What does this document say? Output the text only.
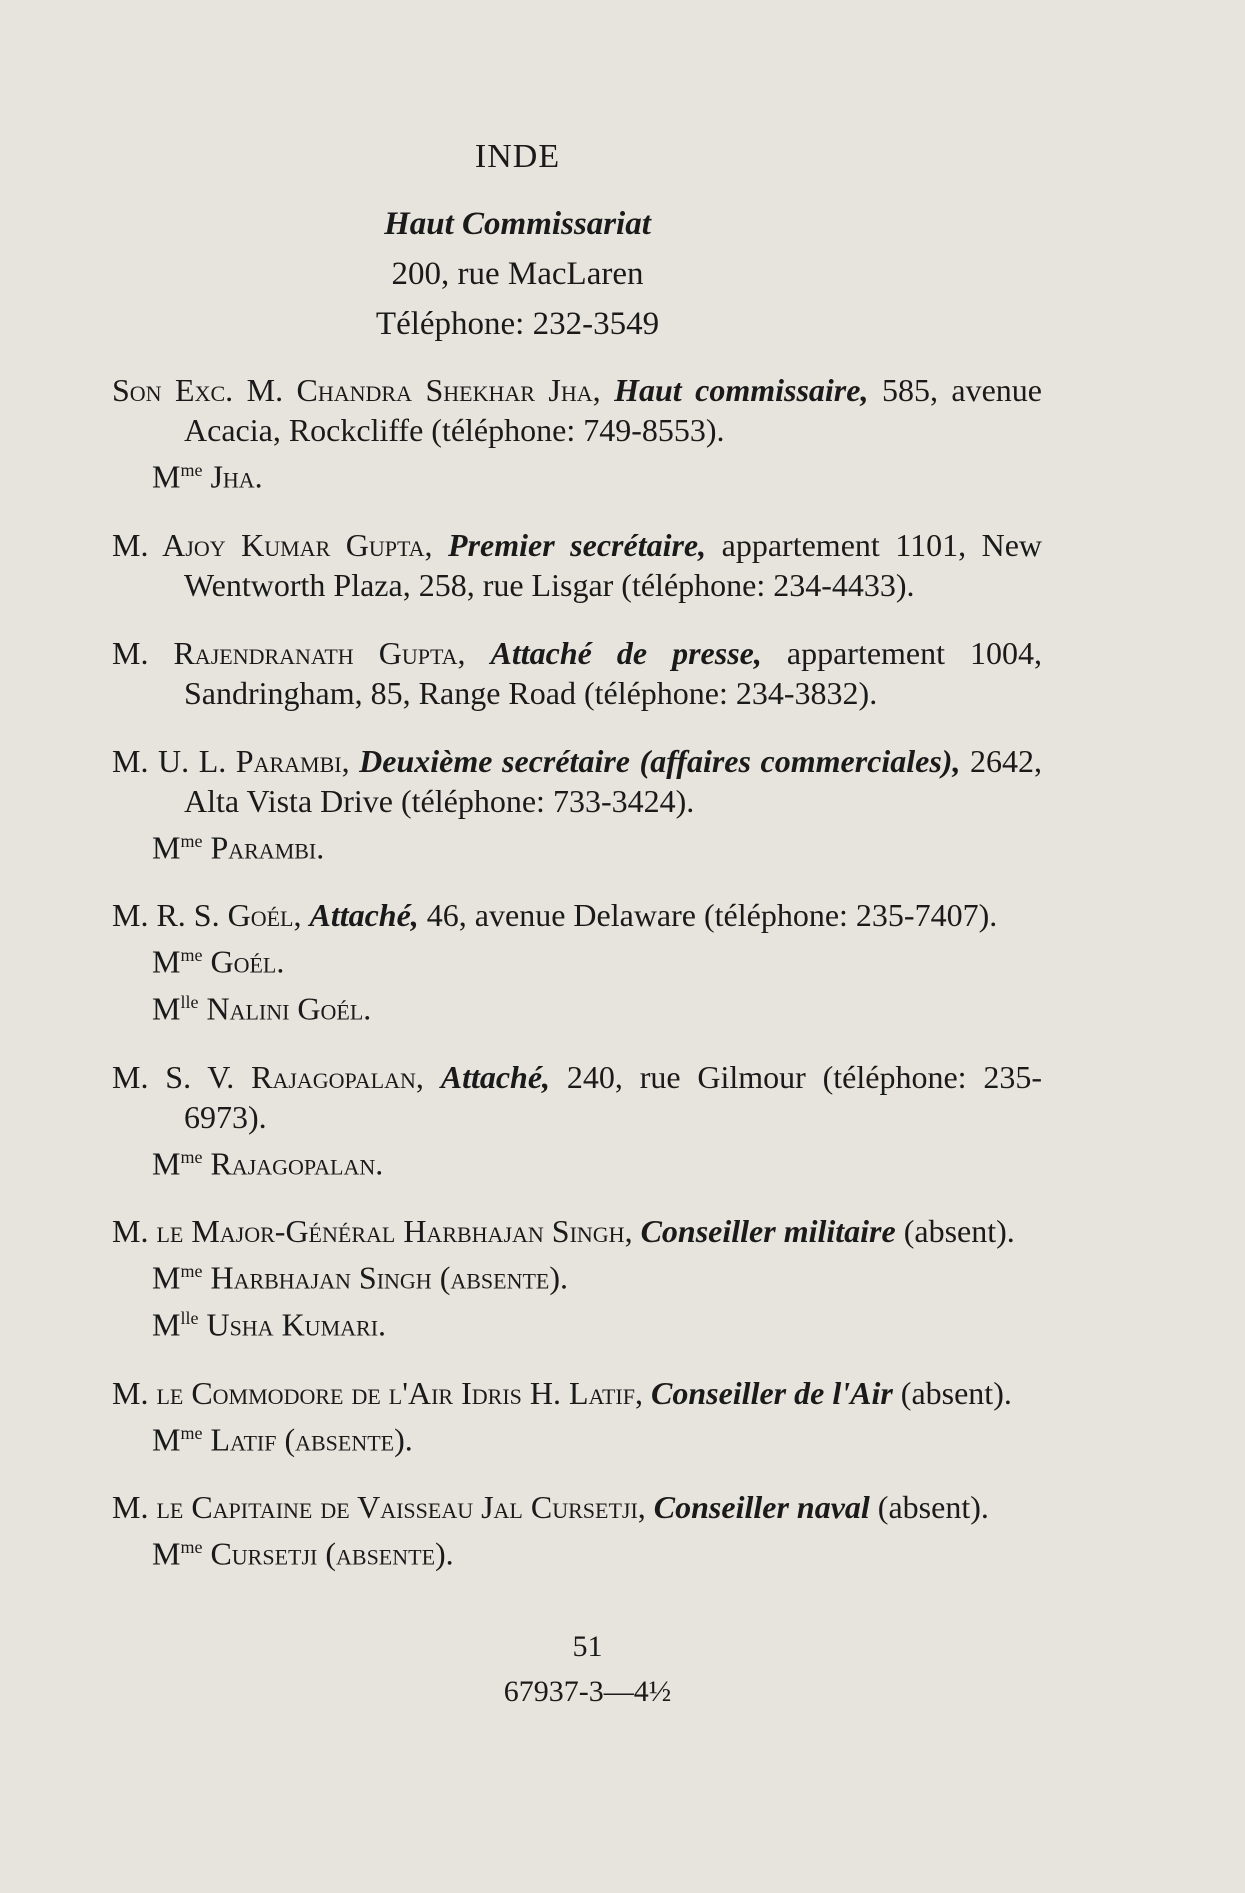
INDE
Haut Commissariat
200, rue MacLaren
Téléphone: 232-3549
Son Exc. M. Chandra Shekhar Jha, Haut commissaire, 585, avenue Acacia, Rockcliffe (téléphone: 749-8553).
$M^{me}$ Jha.
M. Ajoy Kumar Gupta, Premier secrétaire, appartement 1101, New Wentworth Plaza, 258, rue Lisgar (téléphone: 234-4433).
M. Rajendranath Gupta, Attaché de presse, appartement 1004, Sandringham, 85, Range Road (téléphone: 234-3832).
M. U. L. Parambi, Deuxième secrétaire (affaires commerciales), 2642, Alta Vista Drive (téléphone: 733-3424).
$M^{me}$ Parambi.
M. R. S. Goél, Attaché, 46, avenue Delaware (téléphone: 235-7407).
$M^{me}$ Goél.
$M^{lle}$ Nalini Goél.
M. S. V. Rajagopalan, Attaché, 240, rue Gilmour (téléphone: 235-6973).
$M^{me}$ Rajagopalan.
M. le Major-Général Harbhajan Singh, Conseiller militaire (absent).
$M^{me}$ Harbhajan Singh (absente).
$M^{lle}$ Usha Kumari.
M. le Commodore de l'Air Idris H. Latif, Conseiller de l'Air (absent).
$M^{me}$ Latif (absente).
M. le Capitaine de Vaisseau Jal Cursetji, Conseiller naval (absent).
$M^{me}$ Cursetji (absente).
51
67937-3—4½
